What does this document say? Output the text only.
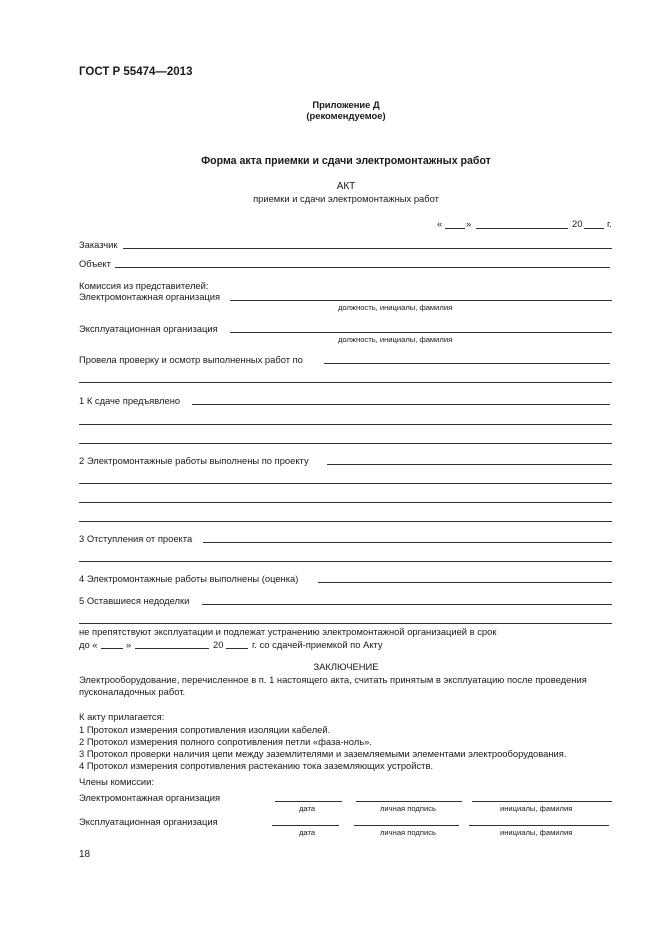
ГОСТ Р 55474—2013
Приложение Д
(рекомендуемое)
Форма акта приемки и сдачи электромонтажных работ
АКТ
приемки и сдачи электромонтажных работ
«	»	20	г.
Заказчик
Объект
Комиссия из представителей:
Электромонтажная организация
должность, инициалы, фамилия
Эксплуатационная организация
должность, инициалы, фамилия
Провела проверку и осмотр выполненных работ по
1 К сдаче предъявлено
2 Электромонтажные работы выполнены по проекту
3 Отступления от проекта
4 Электромонтажные работы выполнены (оценка)
5 Оставшиеся недоделки
не препятствуют эксплуатации и подлежат устранению электромонтажной организацией в срок
до «	»	20	г. со сдачей-приемкой по Акту
ЗАКЛЮЧЕНИЕ
Электрооборудование, перечисленное в п. 1 настоящего акта, считать принятым в эксплуатацию после проведения
пусконаладочных работ.
К акту прилагается:
1 Протокол измерения сопротивления изоляции кабелей.
2 Протокол измерения полного сопротивления петли «фаза-ноль».
3 Протокол проверки наличия цепи между заземлителями и заземляемыми элементами электрооборудования.
4 Протокол измерения сопротивления растеканию тока заземляющих устройств.
Члены комиссии:
Электромонтажная организация
дата	личная подпись	инициалы, фамилия
Эксплуатационная организация
дата	личная подпись	инициалы, фамилия
18
